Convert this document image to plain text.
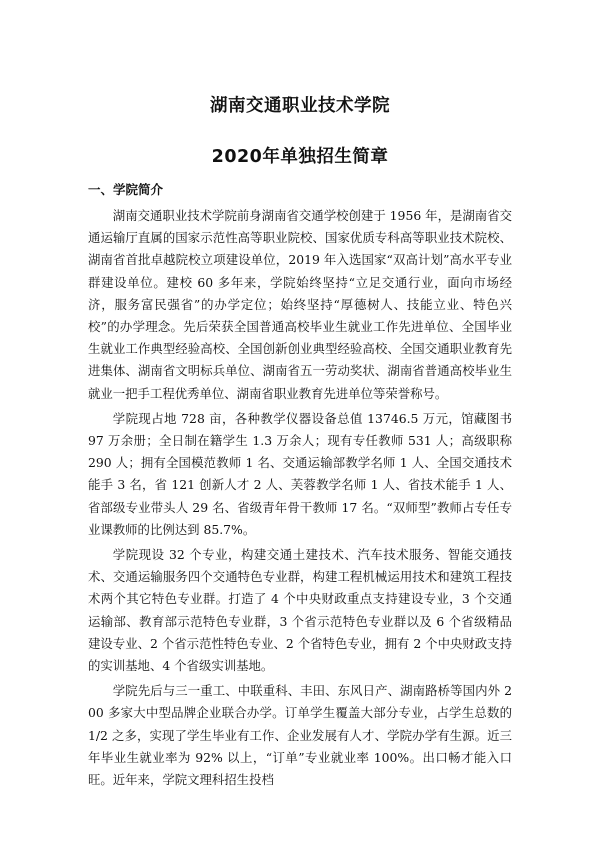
湖南交通职业技术学院
2020年单独招生简章
一、学院简介

湖南交通职业技术学院前身湖南省交通学校创建于 1956 年，是湖南省交通运输厅直属的国家示范性高等职业院校、国家优质专科高等职业技术院校、湖南省首批卓越院校立项建设单位，2019 年入选国家“双高计划”高水平专业群建设单位。建校 60 多年来，学院始终坚持“立足交通行业，面向市场经济，服务富民强省”的办学定位；始终坚持“厚德树人、技能立业、特色兴校”的办学理念。先后荣获全国普通高校毕业生就业工作先进单位、全国毕业生就业工作典型经验高校、全国创新创业典型经验高校、全国交通职业教育先进集体、湖南省文明标兵单位、湖南省五一劳动奖状、湖南省普通高校毕业生就业一把手工程优秀单位、湖南省职业教育先进单位等荣誉称号。

学院现占地 728 亩，各种教学仪器设备总值 13746.5 万元，馆藏图书 97 万余册；全日制在籍学生 1.3 万余人；现有专任教师 531 人；高级职称 290 人；拥有全国模范教师 1 名、交通运输部教学名师 1 人、全国交通技术能手 3 名，省 121 创新人才 2 人、芙蓉教学名师 1 人、省技术能手 1 人、省部级专业带头人 29 名、省级青年骨干教师 17 名。“双师型”教师占专任专业课教师的比例达到 85.7%。

学院现设 32 个专业，构建交通土建技术、汽车技术服务、智能交通技术、交通运输服务四个交通特色专业群，构建工程机械运用技术和建筑工程技术两个其它特色专业群。打造了 4 个中央财政重点支持建设专业，3 个交通运输部、教育部示范特色专业群，3 个省示范特色专业群以及 6 个省级精品建设专业、2 个省示范性特色专业、2 个省特色专业，拥有 2 个中央财政支持的实训基地、4 个省级实训基地。

学院先后与三一重工、中联重科、丰田、东风日产、湖南路桥等国内外 200 多家大中型品牌企业联合办学。订单学生覆盖大部分专业，占学生总数的 1/2 之多，实现了学生毕业有工作、企业发展有人才、学院办学有生源。近三年毕业生就业率为 92% 以上，“订单”专业就业率 100%。出口畅才能入口旺。近年来，学院文理科招生投档
